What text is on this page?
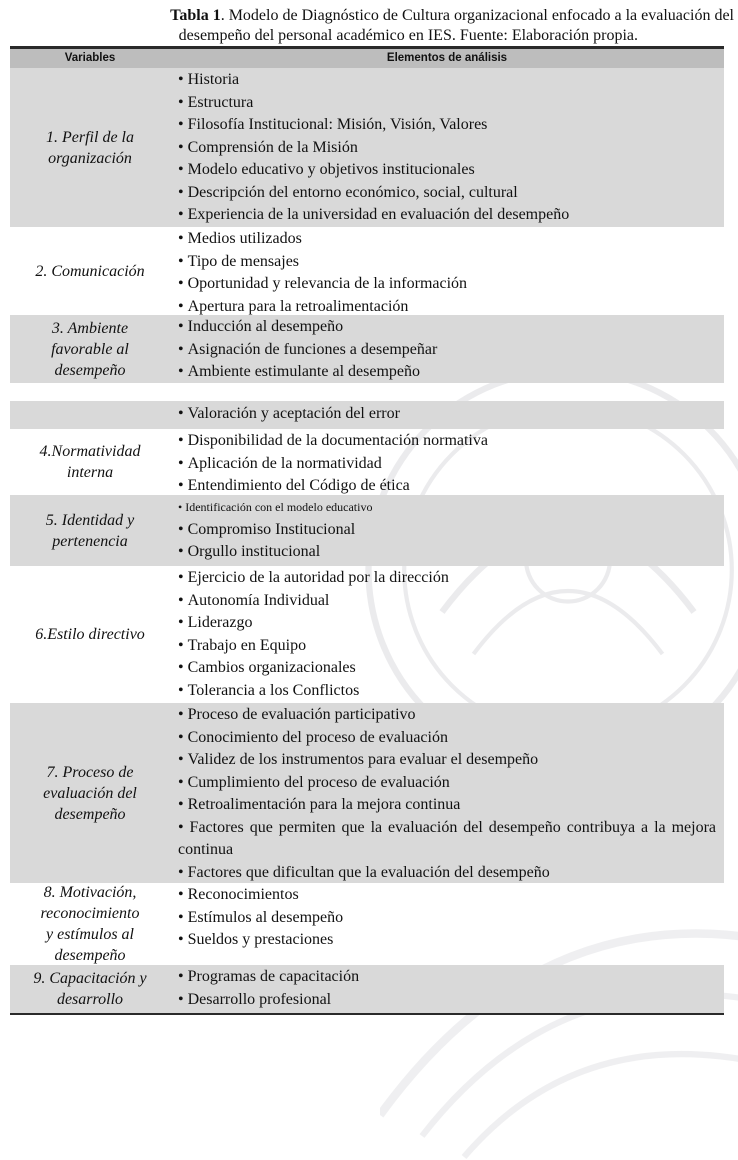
Tabla 1. Modelo de Diagnóstico de Cultura organizacional enfocado a la evaluación del
desempeño del personal académico en IES. Fuente: Elaboración propia.
Variables	Elementos de análisis
1. Perfil de la
organización
• Historia
• Estructura
• Filosofía Institucional: Misión, Visión, Valores
• Comprensión de la Misión
• Modelo educativo y objetivos institucionales
• Descripción del entorno económico, social, cultural
• Experiencia de la universidad en evaluación del desempeño
2. Comunicación
• Medios utilizados
• Tipo de mensajes
• Oportunidad y relevancia de la información
• Apertura para la retroalimentación
3. Ambiente
favorable al
desempeño
• Inducción al desempeño
• Asignación de funciones a desempeñar
• Ambiente estimulante al desempeño
• Valoración y aceptación del error
4.Normatividad
interna
• Disponibilidad de la documentación normativa
• Aplicación de la normatividad
• Entendimiento del Código de ética
5. Identidad y
pertenencia
• Identificación con el modelo educativo
• Compromiso Institucional
• Orgullo institucional
6.Estilo directivo
• Ejercicio de la autoridad por la dirección
• Autonomía Individual
• Liderazgo
• Trabajo en Equipo
• Cambios organizacionales
• Tolerancia a los Conflictos
7. Proceso de
evaluación del
desempeño
• Proceso de evaluación participativo
• Conocimiento del proceso de evaluación
• Validez de los instrumentos para evaluar el desempeño
• Cumplimiento del proceso de evaluación
• Retroalimentación para la mejora continua
• Factores que permiten que la evaluación del desempeño contribuya a la mejora continua
• Factores que dificultan que la evaluación del desempeño
8. Motivación,
reconocimiento
y estímulos al
desempeño
• Reconocimientos
• Estímulos al desempeño
• Sueldos y prestaciones
9. Capacitación y
desarrollo
• Programas de capacitación
• Desarrollo profesional
